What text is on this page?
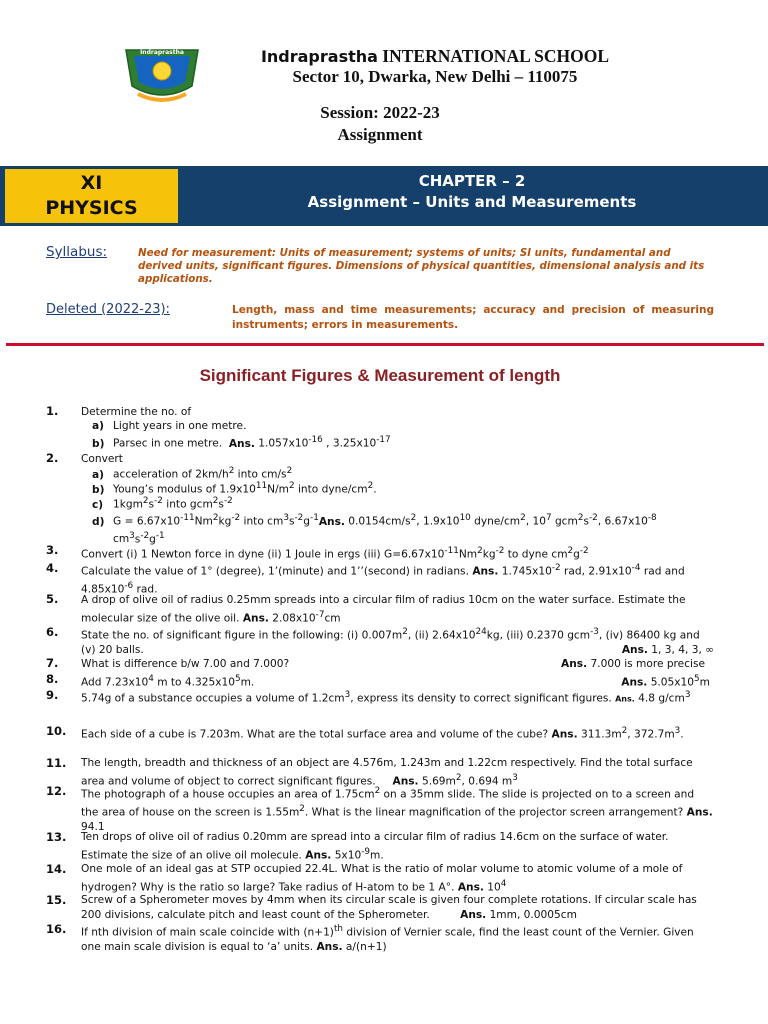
Indraprastha	Indraprastha INTERNATIONAL SCHOOL
Sector 10, Dwarka, New Delhi – 110075
Session: 2022-23
Assignment
XI
PHYSICS
CHAPTER – 2
Assignment – Units and Measurements
Syllabus:	Need for measurement: Units of measurement; systems of units; SI units, fundamental and derived units, significant figures. Dimensions of physical quantities, dimensional analysis and its applications.
Deleted (2022-23):	Length, mass and time measurements; accuracy and precision of measuring instruments; errors in measurements.
Significant Figures & Measurement of length
1. Determine the no. of
a) Light years in one metre.
b) Parsec in one metre. Ans. $1.057x10^{-16}$ , $3.25x10^{-17}$
2. Convert
a) acceleration of $2km/h^2$ into $cm/s^2$
b) Young’s modulus of $1.9x10^{11}N/m^2$ into dyne/$cm^2$.
c) $1kgm^2s^{-2}$ into $gcm^2s^{-2}$
d) $G = 6.67x10^{-11}Nm^2kg^{-2}$ into $cm^3s^{-2}g^{-1}Ans$. $0.0154cm/s^2$, $1.9x10^{10}$ dyne/$cm^2$, $10^7$ $gcm^2s^{-2}$, $6.67x10^{-8}$
$cm^3s^{-2}g^{-1}$
3. Convert (i) 1 Newton force in dyne (ii) 1 Joule in ergs (iii) $G=6.67x10^{-11}Nm^2kg^{-2}$ to dyne $cm^2g^{-2}$
4. Calculate the value of 1° (degree), 1’(minute) and 1’’(second) in radians. Ans. $1.745x10^{-2}$ rad, $2.91x10^{-4}$ rad and $4.85x10^{-6}$ rad.
5. A drop of olive oil of radius 0.25mm spreads into a circular film of radius 10cm on the water surface. Estimate the molecular size of the olive oil. Ans. $2.08x10^{-7}cm$
6. State the no. of significant figure in the following: (i) $0.007m^2$, (ii) $2.64x10^{24}kg$, (iii) 0.2370 gcm$^{-3}$, (iv) 86400 kg and (v) 20 balls.	Ans. 1, 3, 4, 3, ∞
7. What is difference b/w 7.00 and 7.000?	Ans. 7.000 is more precise
8. Add $7.23x10^4$ m to $4.325x10^5m$.	Ans. $5.05x10^5m$
9. 5.74g of a substance occupies a volume of $1.2cm^3$, express its density to correct significant figures. Ans. 4.8 $g/cm^3$
10. Each side of a cube is 7.203m. What are the total surface area and volume of the cube? Ans. $311.3m^2$, $372.7m^3$.
11. The length, breadth and thickness of an object are 4.576m, 1.243m and 1.22cm respectively. Find the total surface area and volume of object to correct significant figures. Ans. $5.69m^2$, 0.694 $m^3$
12. The photograph of a house occupies an area of $1.75cm^2$ on a 35mm slide. The slide is projected on to a screen and the area of house on the screen is $1.55m^2$. What is the linear magnification of the projector screen arrangement? Ans. 94.1
13. Ten drops of olive oil of radius 0.20mm are spread into a circular film of radius 14.6cm on the surface of water. Estimate the size of an olive oil molecule. Ans. $5x10^{-9}m$.
14. One mole of an ideal gas at STP occupied 22.4L. What is the ratio of molar volume to atomic volume of a mole of hydrogen? Why is the ratio so large? Take radius of H-atom to be 1 A°. Ans. $10^4$
15. Screw of a Spherometer moves by 4mm when its circular scale is given four complete rotations. If circular scale has 200 divisions, calculate pitch and least count of the Spherometer.	Ans. 1mm, 0.0005cm
16. If nth division of main scale coincide with $(n+1)^{th}$ division of Vernier scale, find the least count of the Vernier. Given one main scale division is equal to ‘a’ units. Ans. a/(n+1)
